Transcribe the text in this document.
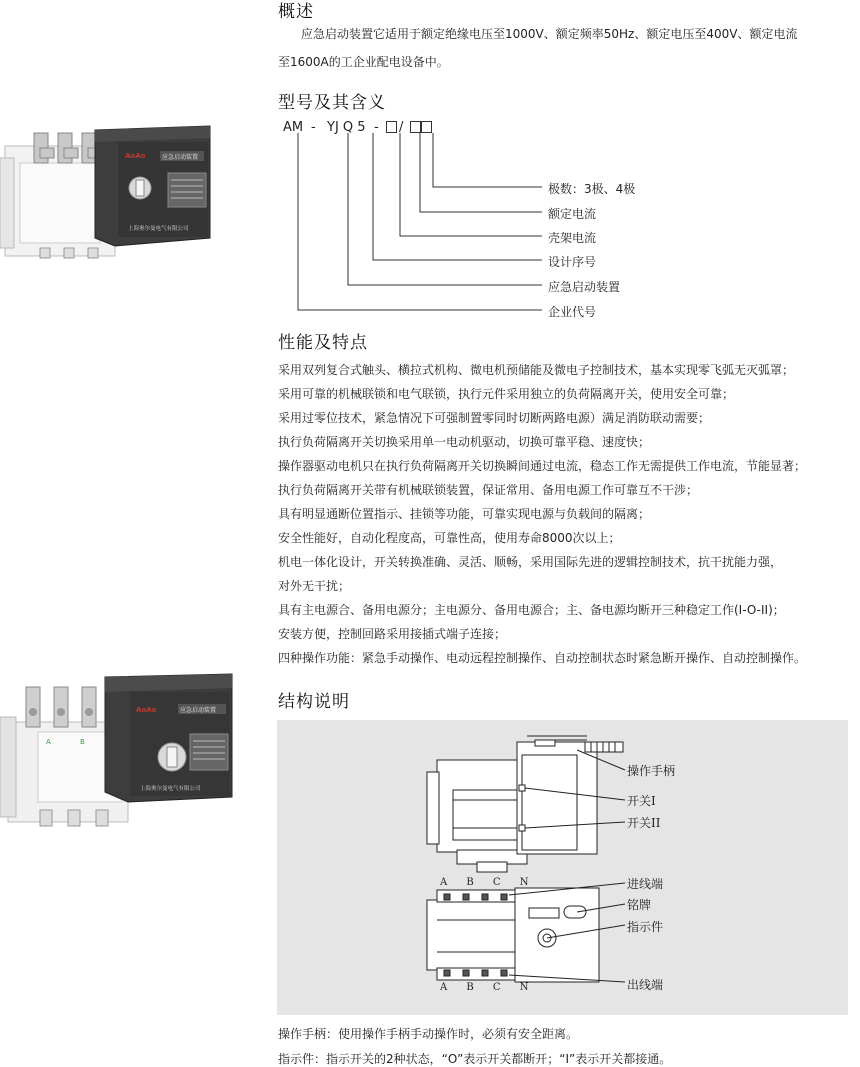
概述
应急启动装置它适用于额定绝缘电压至1000V、额定频率50Hz、额定电压至400V、额定电流
至1600A的工企业配电设备中。
型号及其含义
AM - YJ Q 5 - /
极数：3极、4极
额定电流
壳架电流
设计序号
应急启动装置
企业代号
AoAo	应急启动装置
上海奥尔曼电气有限公司
性能及特点
采用双列复合式触头、横拉式机构、微电机预储能及微电子控制技术，基本实现零飞弧无灭弧罩；
采用可靠的机械联锁和电气联锁，执行元件采用独立的负荷隔离开关，使用安全可靠；
采用过零位技术，紧急情况下可强制置零同时切断两路电源）满足消防联动需要；
执行负荷隔离开关切换采用单一电动机驱动，切换可靠平稳、速度快；
操作器驱动电机只在执行负荷隔离开关切换瞬间通过电流，稳态工作无需提供工作电流，节能显著；
执行负荷隔离开关带有机械联锁装置，保证常用、备用电源工作可靠互不干涉；
具有明显通断位置指示、挂锁等功能，可靠实现电源与负载间的隔离；
安全性能好，自动化程度高，可靠性高，使用寿命8000次以上；
机电一体化设计，开关转换准确、灵活、顺畅，采用国际先进的逻辑控制技术，抗干扰能力强，
对外无干扰；
具有主电源合、备用电源分；主电源分、备用电源合；主、备电源均断开三种稳定工作(I-O-II)；
安装方便，控制回路采用接插式端子连接；
四种操作功能：紧急手动操作、电动远程控制操作、自动控制状态时紧急断开操作、自动控制操作。
A	B
AoAo	应急启动装置
上海奥尔曼电气有限公司
结构说明
A B C N
A B C N
操作手柄
开关I
开关II
进线端
铭牌
指示件
出线端
操作手柄：使用操作手柄手动操作时，必须有安全距离。
指示件：指示开关的2种状态，“O”表示开关都断开；“I”表示开关都接通。
